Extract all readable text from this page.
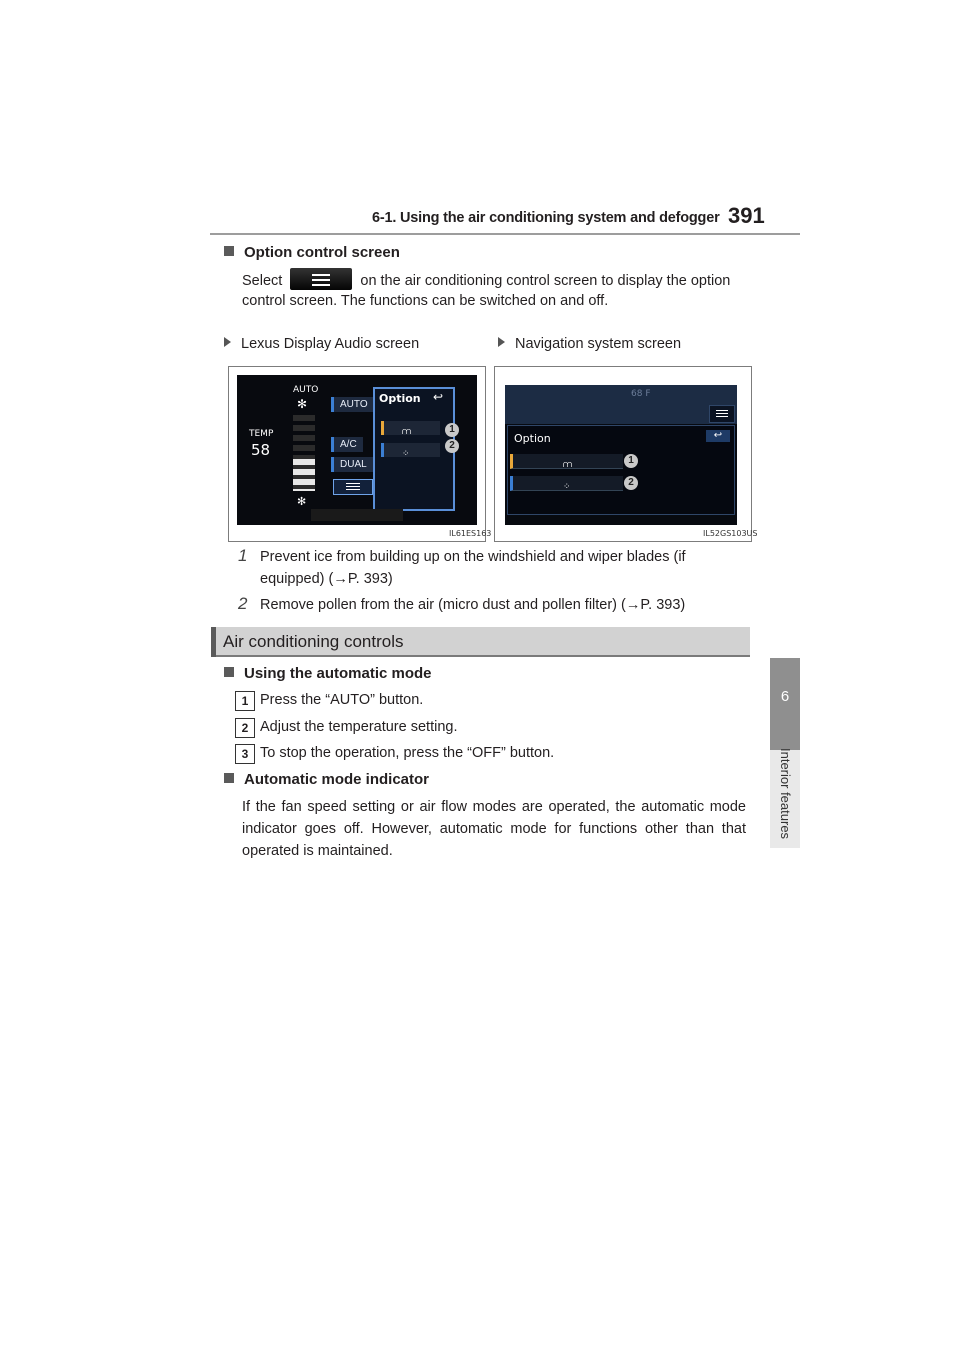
6-1. Using the air conditioning system and defogger 391
6
Interior features
Option control screen
Select	on the air conditioning control screen to display the option
control screen. The functions can be switched on and off.
Lexus Display Audio screen	Navigation system screen
AUTO
✻
TEMP
58
✻
AUTO
A/C
DUAL
Option ↩
⩋
⁘
1
2
IL61ES163
68 F
Option	↩
⩋
⁘
1
2
IL52GS103US
1 Prevent ice from building up on the windshield and wiper blades (if
equipped) (→P. 393)
2 Remove pollen from the air (micro dust and pollen filter) (→P. 393)
Air conditioning controls
Using the automatic mode
1 Press the “AUTO” button.
2 Adjust the temperature setting.
3 To stop the operation, press the “OFF” button.
Automatic mode indicator
If the fan speed setting or air flow modes are operated, the automatic mode
indicator goes off. However, automatic mode for functions other than that
operated is maintained.
